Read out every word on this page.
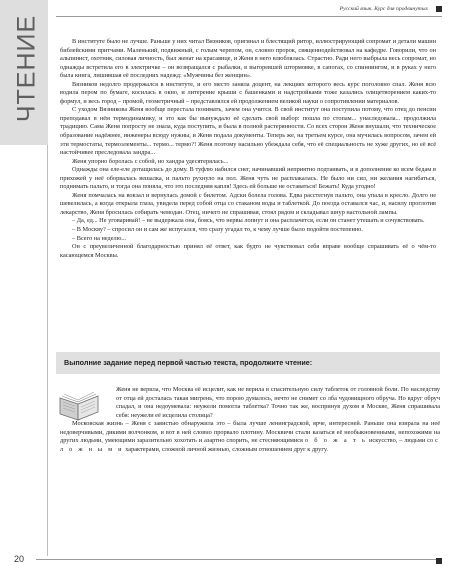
ЧТЕНИЕ
Русский язык. Курс для продвинутых

В институте было не лучше. Раньше у них читал Вязников, оригинал и блестящий ритор, иллюстрирующий сопромат и детали машин библейскими притчами. Маленький, подвижный, с голым черепом, он, словно пророк, священнодействовал на кафедре. Говорили, что он альпинист, охотник, силовая личность, был женат на красавице, и Женя в него влюблялась. Страстно. Ради него выбрыла весь сопромат, но однажды встретила его в электричке – он возвращался с рыбалки, в выгоревшей штормовке, в сапогах, со спиннингом, и в руках у него была книга, лишившая её последних надежд: «Мужчины без женщин».

Вязников недолго продержался в институте, и его место заняла доцент, на лекциях которого весь курс поголовно спал. Женя всю водила пером по бумаге, косилась в окно, и литерение крыши с башенками и надстройками тоже казались олицетворением каких-то формул, и весь город – промой, геометричный – представлялся ей продолжением великой науки о сопротивлении материалов.

С уходом Вязникова Женя вообще перестала понимать, зачем она учится. В свой институт она поступила потому, что отец до пенсии преподавал в нём термодинамику, и это как бы вынуждало её сделать свой выбор: пошла по стопам... унаследовала... продолжила традицию. Сама Женя попросту не знала, куда поступить, и была в полной растерянности. Со всех сторон Женя внушали, что техническое образование надёжнее, инженеры всюду нужны, и Женя подала документы. Теперь же, на третьем курсе, она мучилась вопросом, зачем ей эти термостаты, термоэлементы... термо... термо?! Женя поэтому насильно убеждала себя, что её специальность не хуже других, но её всё настойчивее преследовала зандра...

Женя упорно боролась с собой, но хандра удесятерялась...

Однажды она еле-еле дотащилась до дому. В туфлю набился снег, начинавший неприятно подтаивать, и в дополнение ко всем бедам в прихожей у неё оборвалась вешалка, и пальто рухнуло на пол. Женя чуть не расплакалась. Не было ни сил, ни желания нагибаться, поднимать пальто, и тогда она поняла, что это последняя капля! Здесь ей больше не оставаться! Бежать! Куда угодно!

Женя помчалась на вокзал и вернулась домой с билетом. Адски болела голова. Едва расстегнув пальто, она упала в кресло. Долго не шевелилась, а когда открыла глаза, увидела перед собой отца со стаканом воды и таблеткой. До поезда оставался час, и, насилу проглотив лекарство, Женя бросилась собирать чемодан. Отец, ничего не спрашивая, стоял рядом и складывал шнур настольной лампы.

– Да, ед... Не уговаривай! – не выдержала она, боясь, что нервы лопнут и она расплачется, если он станет утешать и сочувствовать.

– В Москву? – спросил он и сам же испугался, что сразу угадал то, к чему лучше было подойти постепенно.

– Всего на неделю...

Он с преувеличенной благодарностью принял её ответ, как будто не чувствовал себя вправе вообще спрашивать её о чём-то касающемся Москвы.

Выполние задание перед первой частью текста, продолжите чтение:

Женя не верила, что Москва её исцелит, как не верила в спасительную силу таблеток от головной боли. По наследству от отца ей досталась такая мигрень, что порою думалось, нечто не снимет со лба чудовищного обруча. Но вдруг обруч спадал, и она недоумевала: неужели помогла таблетка? Точно так же, воспринув духом в Москве, Женя спрашивала себя: неужели её исцелила столица?

Московская жизнь – Женя с завистью обнаружила это – была лучше ленинградской, ярче, интересней. Раньше она взирала на неё недоверчивыми, дикими волчонком, и вот в ней словно прорвало плотину. Москвичи стали казаться её необыкновенными, непохожими на других людьми, умеющими заразительно хохотать и азартно спорить, не стесняющимися о б о ж а т ь искусство, – людьми со с л о ж н ы м и характерами, сложной личной жизнью, сложным отношением друг к другу.

20
